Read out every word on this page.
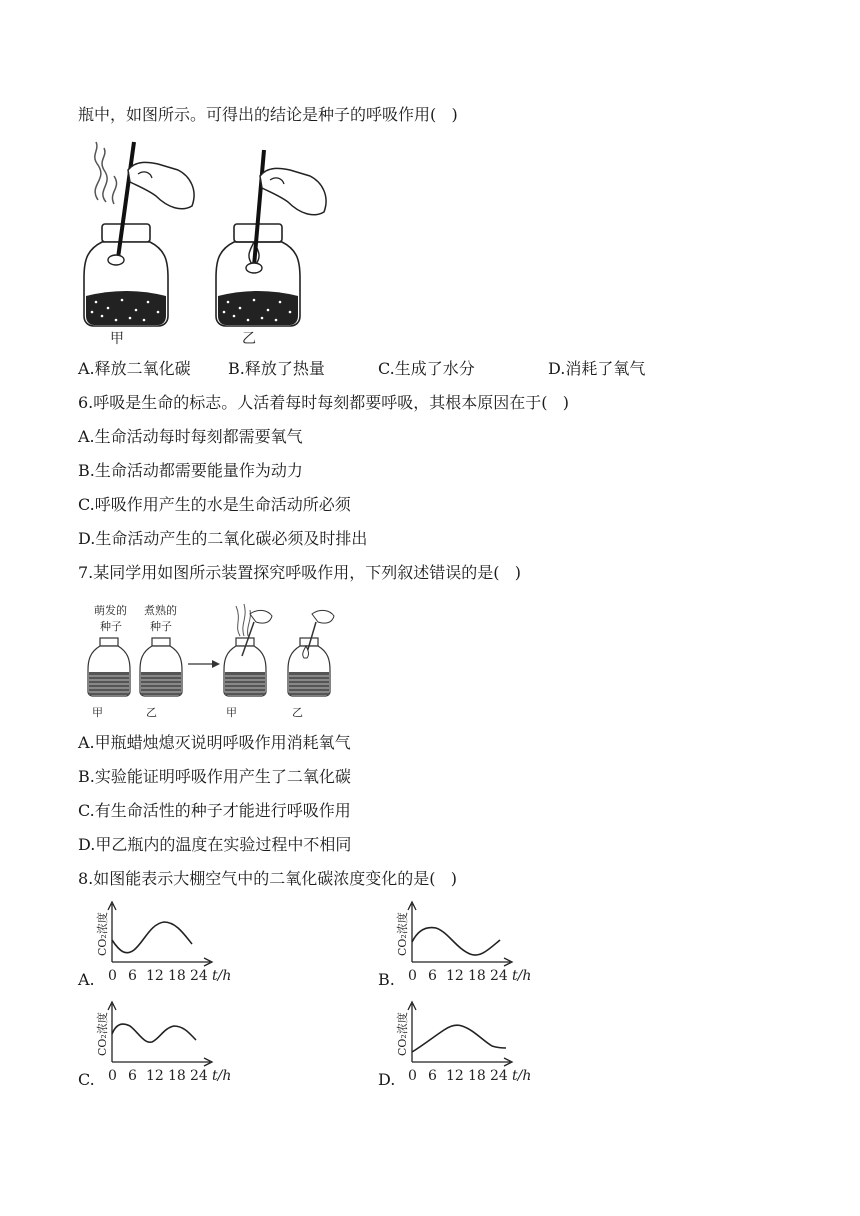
瓶中，如图所示。可得出的结论是种子的呼吸作用(   )
甲	乙
A.释放二氧化碳 B.释放了热量	C.生成了水分	D.消耗了氧气
6.呼吸是生命的标志。人活着每时每刻都要呼吸，其根本原因在于(   )
A.生命活动每时每刻都需要氧气
B.生命活动都需要能量作为动力
C.呼吸作用产生的水是生命活动所必须
D.生命活动产生的二氧化碳必须及时排出
7.某同学用如图所示装置探究呼吸作用，下列叙述错误的是(   )
萌发的
种子
煮熟的
种子
甲	乙	甲	乙
A.甲瓶蜡烛熄灭说明呼吸作用消耗氧气
B.实验能证明呼吸作用产生了二氧化碳
C.有生命活性的种子才能进行呼吸作用
D.甲乙瓶内的温度在实验过程中不相同
8.如图能表示大棚空气中的二氧化碳浓度变化的是(   )
A.
CO₂浓度
0 6 12 18 24 t/h	B.
CO₂浓度
0 6 12 18 24 t/h
C.
CO₂浓度
0 6 12 18 24 t/h	D.
CO₂浓度
0 6 12 18 24 t/h
